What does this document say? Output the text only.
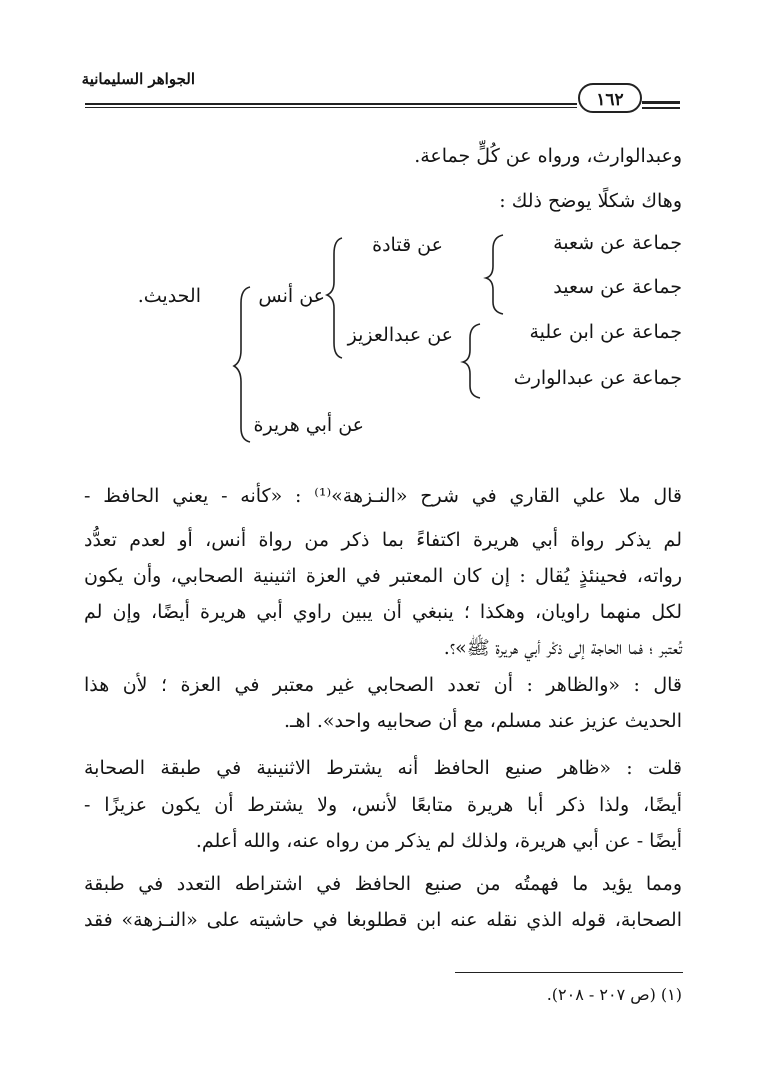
الجواهر السليمانية
١٦٢
وعبدالوارث، ورواه عن كُلٍّ جماعة.
وهاك شكلًا يوضح ذلك :
جماعة عن شعبة
جماعة عن سعيد
جماعة عن ابن علية
جماعة عن عبدالوارث
عن قتادة
عن عبدالعزيز
عن أنس
عن أبي هريرة
الحديث.
قال ملا علي القاري في شرح «النـزهة»⁽¹⁾ : «كأنه - يعني الحافظ -
لم يذكر رواة أبي هريرة اكتفاءً بما ذكر من رواة أنس، أو لعدم تعدُّد
رواته، فحينئذٍ يُقال : إن كان المعتبر في العزة اثنينية الصحابي، وأن يكون
لكل منهما راويان، وهكذا ؛ ينبغي أن يبين راوي أبي هريرة أيضًا، وإن لم
تُعتبر ؛ فما الحاجة إلى ذكْر أبي هريرة ﷺ»؟.
قال : «والظاهر : أن تعدد الصحابي غير معتبر في العزة ؛ لأن هذا
الحديث عزيز عند مسلم، مع أن صحابيه واحد». اهـ.
قلت : «ظاهر صنيع الحافظ أنه يشترط الاثنينية في طبقة الصحابة
أيضًا، ولذا ذكر أبا هريرة متابعًا لأنس، ولا يشترط أن يكون عزيزًا -
أيضًا - عن أبي هريرة، ولذلك لم يذكر من رواه عنه، والله أعلم.
ومما يؤيد ما فهمتُه من صنيع الحافظ في اشتراطه التعدد في طبقة
الصحابة، قوله الذي نقله عنه ابن قطلوبغا في حاشيته على «النـزهة» فقد
(١) (ص ٢٠٧ - ٢٠٨).
